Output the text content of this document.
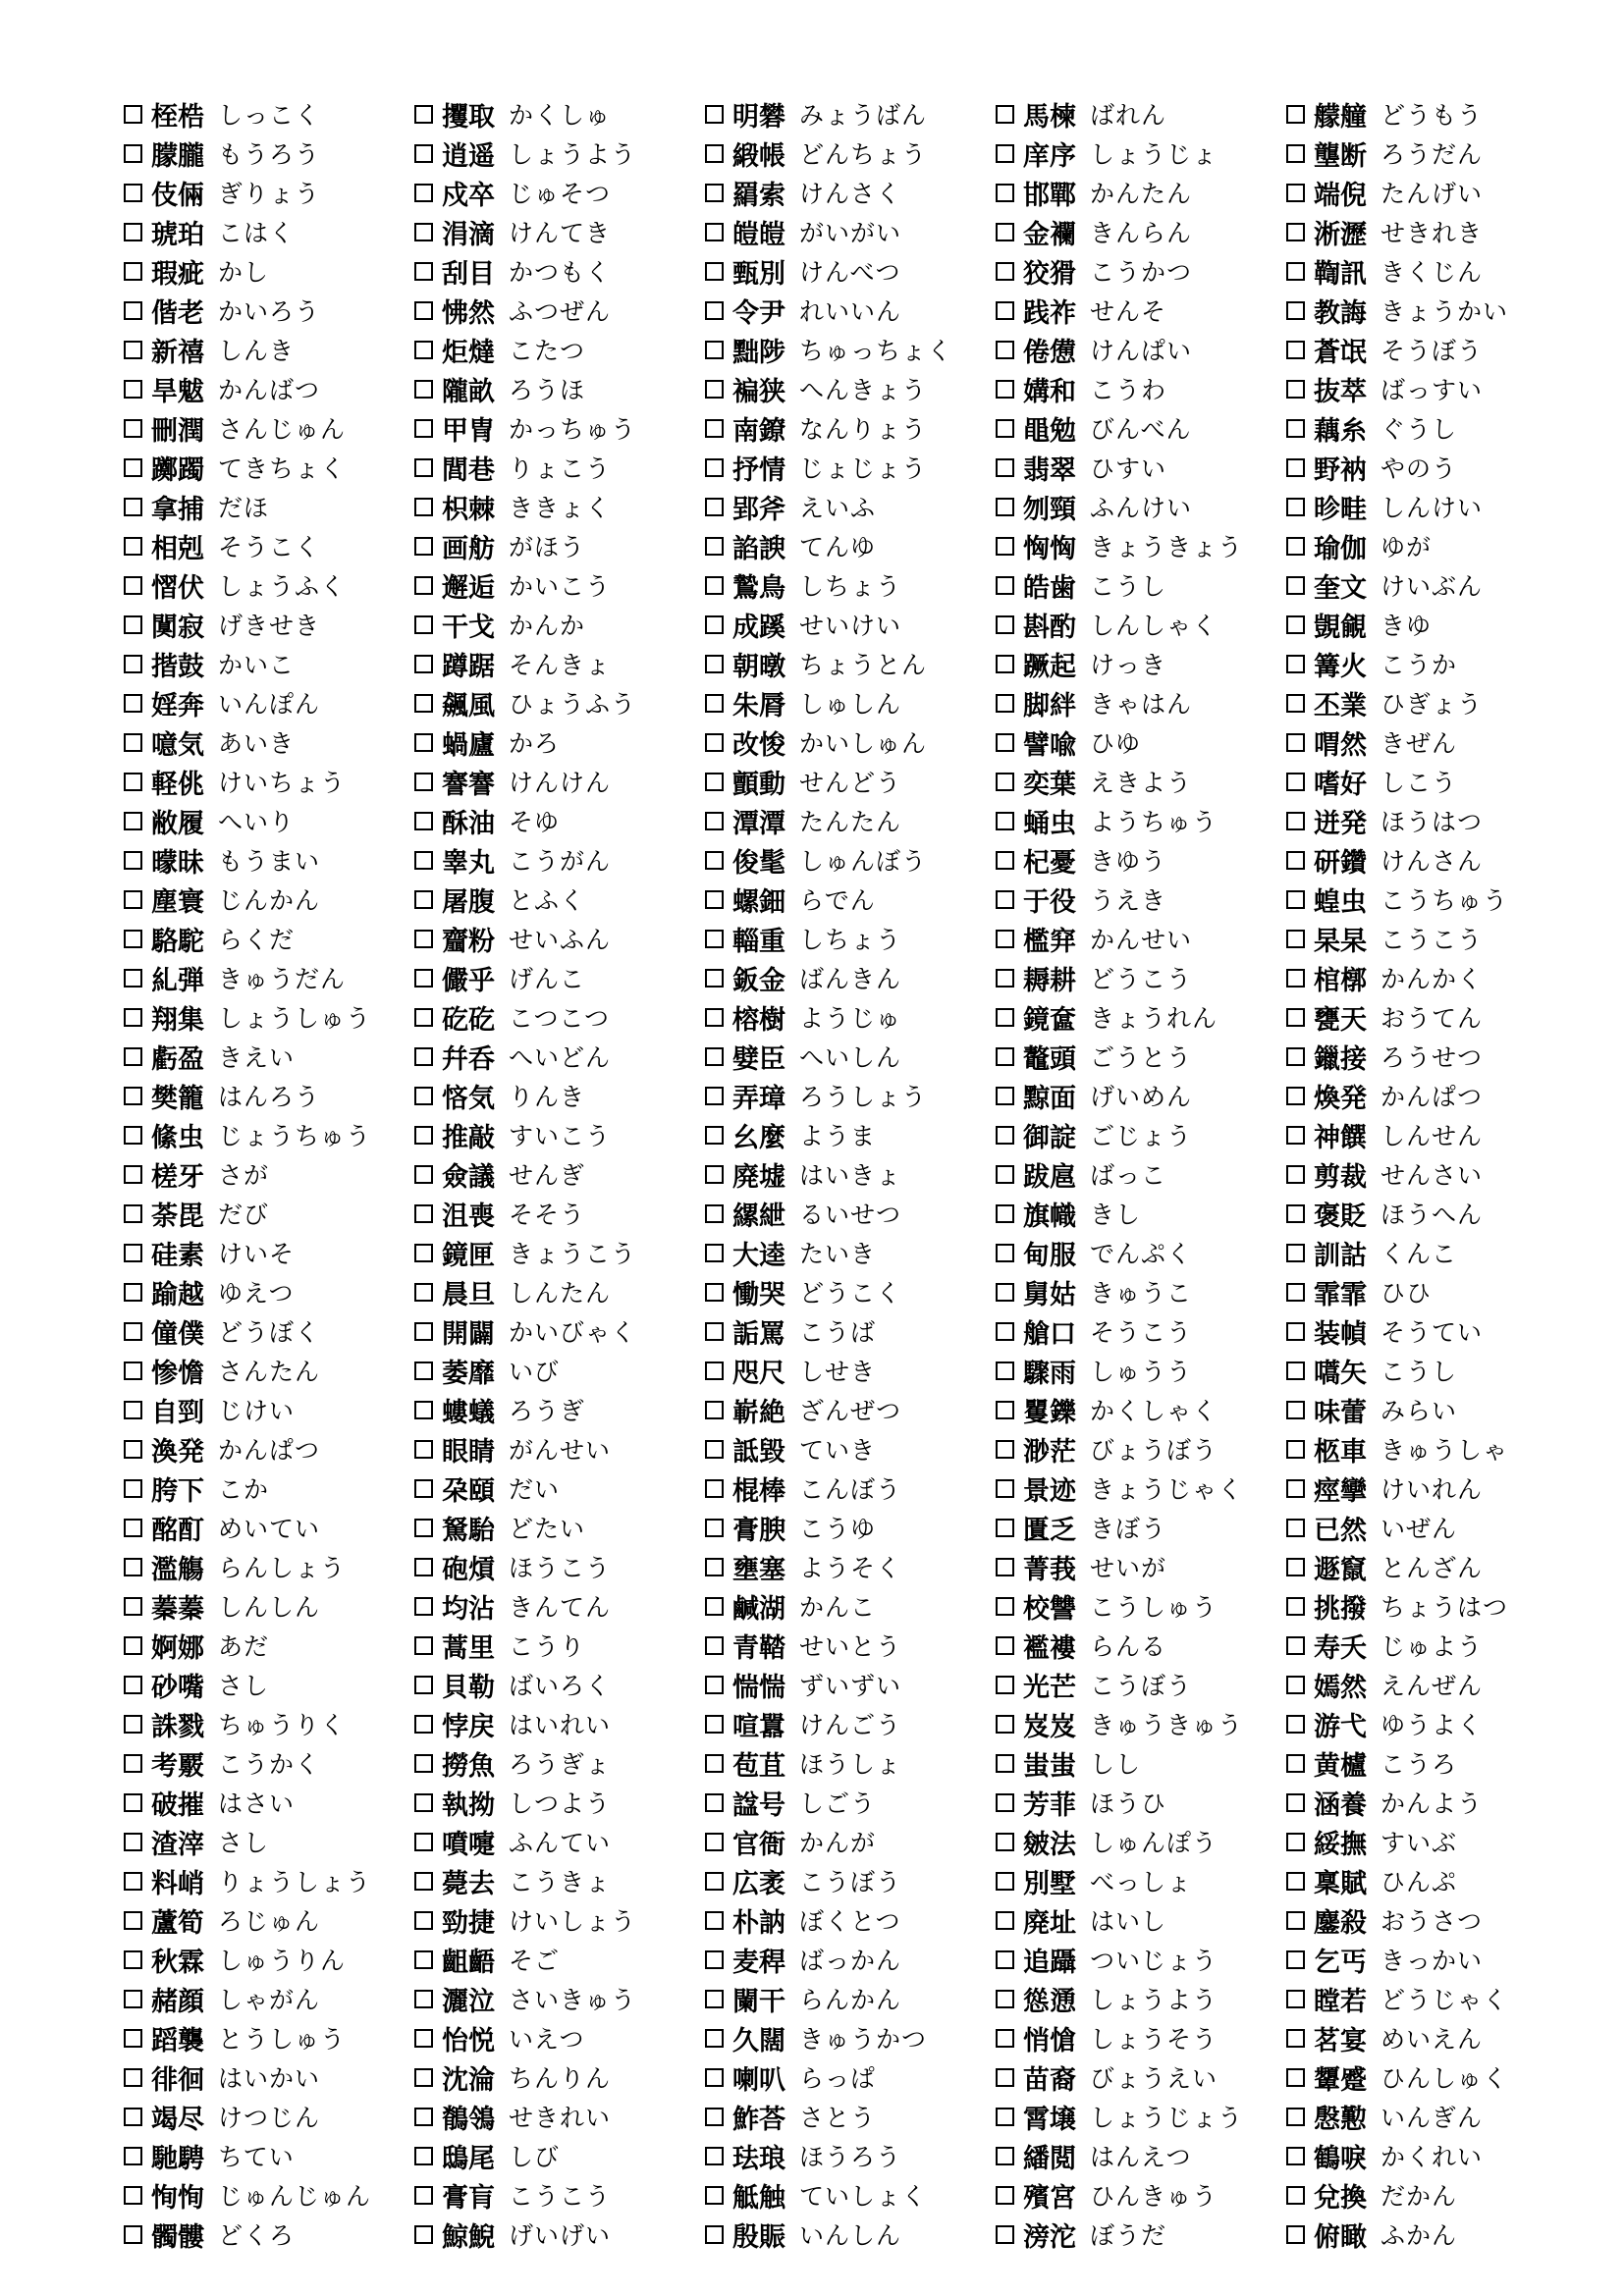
桎梏 しっこく
朦朧 もうろう
伎倆 ぎりょう
琥珀 こはく
瑕疵 かし
偕老 かいろう
新禧 しんき
旱魃 かんばつ
刪潤 さんじゅん
躑躅 てきちょく
拿捕 だほ
相剋 そうこく
慴伏 しょうふく
闃寂 げきせき
揩鼓 かいこ
婬奔 いんぽん
噫気 あいき
軽佻 けいちょう
敝履 へいり
曚昧 もうまい
塵寰 じんかん
駱駝 らくだ
糺弾 きゅうだん
翔集 しょうしゅう
虧盈 きえい
樊籠 はんろう
絛虫 じょうちゅう
槎牙 さが
荼毘 だび
硅素 けいそ
踰越 ゆえつ
僮僕 どうぼく
惨憺 さんたん
自剄 じけい
渙発 かんぱつ
胯下 こか
酩酊 めいてい
濫觴 らんしょう
蓁蓁 しんしん
婀娜 あだ
砂嘴 さし
誅戮 ちゅうりく
考覈 こうかく
破摧 はさい
渣滓 さし
料峭 りょうしょう
蘆筍 ろじゅん
秋霖 しゅうりん
赭顔 しゃがん
蹈襲 とうしゅう
徘徊 はいかい
竭尽 けつじん
馳騁 ちてい
恂恂 じゅんじゅん
髑髏 どくろ
攫取 かくしゅ
逍遥 しょうよう
戍卒 じゅそつ
涓滴 けんてき
刮目 かつもく
怫然 ふつぜん
炬燵 こたつ
隴畝 ろうほ
甲冑 かっちゅう
閭巷 りょこう
枳棘 ききょく
画舫 がほう
邂逅 かいこう
干戈 かんか
蹲踞 そんきょ
飆風 ひょうふう
蝸廬 かろ
謇謇 けんけん
酥油 そゆ
睾丸 こうがん
屠腹 とふく
齏粉 せいふん
儼乎 げんこ
矻矻 こつこつ
幷呑 へいどん
悋気 りんき
推敲 すいこう
僉議 せんぎ
沮喪 そそう
鏡匣 きょうこう
晨旦 しんたん
開闢 かいびゃく
萎靡 いび
螻蟻 ろうぎ
眼睛 がんせい
朶頤 だい
駑駘 どたい
砲熕 ほうこう
均沾 きんてん
蒿里 こうり
貝勒 ばいろく
悖戻 はいれい
撈魚 ろうぎょ
執拗 しつよう
噴嚏 ふんてい
薨去 こうきょ
勁捷 けいしょう
齟齬 そご
灑泣 さいきゅう
怡悦 いえつ
沈淪 ちんりん
鶺鴒 せきれい
鴟尾 しび
膏肓 こうこう
鯨鯢 げいげい
明礬 みょうばん
緞帳 どんちょう
羂索 けんさく
皚皚 がいがい
甄別 けんべつ
令尹 れいいん
黜陟 ちゅっちょく
褊狭 へんきょう
南鐐 なんりょう
抒情 じょじょう
郢斧 えいふ
諂諛 てんゆ
鷙鳥 しちょう
成蹊 せいけい
朝暾 ちょうとん
朱脣 しゅしん
改悛 かいしゅん
顫動 せんどう
潭潭 たんたん
俊髦 しゅんぼう
螺鈿 らでん
輜重 しちょう
鈑金 ばんきん
榕樹 ようじゅ
嬖臣 へいしん
弄璋 ろうしょう
幺麼 ようま
廃墟 はいきょ
縲紲 るいせつ
大逵 たいき
慟哭 どうこく
詬罵 こうば
咫尺 しせき
嶄絶 ざんぜつ
詆毀 ていき
棍棒 こんぼう
膏腴 こうゆ
壅塞 ようそく
鹹湖 かんこ
青鞜 せいとう
惴惴 ずいずい
喧囂 けんごう
苞苴 ほうしょ
諡号 しごう
官衙 かんが
広袤 こうぼう
朴訥 ぼくとつ
麦稈 ばっかん
闌干 らんかん
久闊 きゅうかつ
喇叭 らっぱ
鮓荅 さとう
珐琅 ほうろう
觝触 ていしょく
殷賑 いんしん
馬楝 ばれん
庠序 しょうじょ
邯鄲 かんたん
金襴 きんらん
狡猾 こうかつ
践祚 せんそ
倦憊 けんぱい
媾和 こうわ
黽勉 びんべん
翡翠 ひすい
刎頸 ふんけい
恟恟 きょうきょう
皓歯 こうし
斟酌 しんしゃく
蹶起 けっき
脚絆 きゃはん
譬喩 ひゆ
奕葉 えきよう
蛹虫 ようちゅう
杞憂 きゆう
于役 うえき
檻穽 かんせい
耨耕 どうこう
鏡奩 きょうれん
鼇頭 ごうとう
黥面 げいめん
御諚 ごじょう
跋扈 ばっこ
旗幟 きし
甸服 でんぷく
舅姑 きゅうこ
艙口 そうこう
驟雨 しゅうう
矍鑠 かくしゃく
渺茫 びょうぼう
景迹 きょうじゃく
匱乏 きぼう
菁莪 せいが
校讐 こうしゅう
襤褸 らんる
光芒 こうぼう
岌岌 きゅうきゅう
蚩蚩 しし
芳菲 ほうひ
皴法 しゅんぽう
別墅 べっしょ
廃址 はいし
追躡 ついじょう
慫慂 しょうよう
悄愴 しょうそう
苗裔 びょうえい
霄壌 しょうじょう
繙閲 はんえつ
殯宮 ひんきゅう
滂沱 ぼうだ
艨艟 どうもう
壟断 ろうだん
端倪 たんげい
淅瀝 せきれき
鞫訊 きくじん
教誨 きょうかい
蒼氓 そうぼう
抜萃 ばっすい
藕糸 ぐうし
野衲 やのう
昣畦 しんけい
瑜伽 ゆが
奎文 けいぶん
覬覦 きゆ
篝火 こうか
丕業 ひぎょう
喟然 きぜん
嗜好 しこう
迸発 ほうはつ
研鑽 けんさん
蝗虫 こうちゅう
杲杲 こうこう
棺槨 かんかく
甕天 おうてん
鑞接 ろうせつ
煥発 かんぱつ
神饌 しんせん
剪裁 せんさい
褒貶 ほうへん
訓詁 くんこ
霏霏 ひひ
装幀 そうてい
嚆矢 こうし
味蕾 みらい
柩車 きゅうしゃ
痙攣 けいれん
已然 いぜん
遯竄 とんざん
挑撥 ちょうはつ
寿夭 じゅよう
嫣然 えんぜん
游弋 ゆうよく
黄櫨 こうろ
涵養 かんよう
綏撫 すいぶ
稟賦 ひんぷ
鏖殺 おうさつ
乞丐 きっかい
瞠若 どうじゃく
茗宴 めいえん
顰蹙 ひんしゅく
慇懃 いんぎん
鶴唳 かくれい
兌換 だかん
俯瞰 ふかん
